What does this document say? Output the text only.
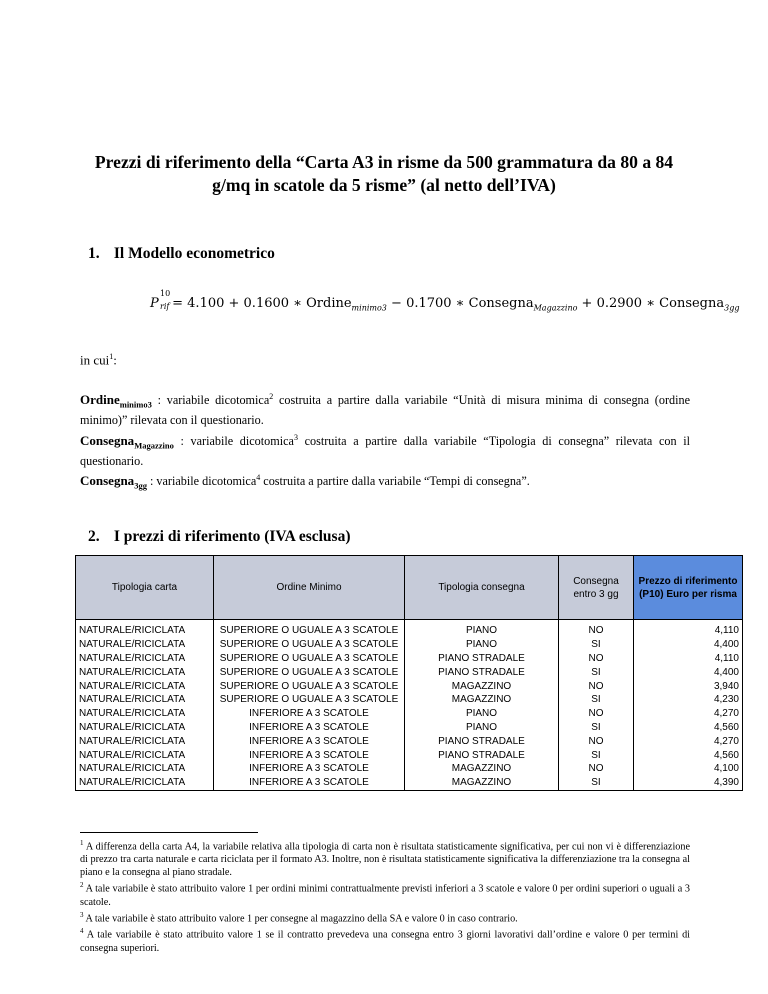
Prezzi di riferimento della “Carta A3 in risme da 500 grammatura da 80 a 84 g/mq in scatole da 5 risme” (al netto dell’IVA)
1. Il Modello econometrico
P
10
rif = 4.100 + 0.1600 ∗ Ordine$_{minimo3}$ − 0.1700 ∗ Consegna$_{Magazzino}$ + 0.2900 ∗ Consegna$_{3gg}$
in cui$^1$:
Ordine$_{minimo3}$ : variabile dicotomica$^2$ costruita a partire dalla variabile “Unità di misura minima di consegna (ordine minimo)” rilevata con il questionario.
Consegna$_{Magazzino}$ : variabile dicotomica$^3$ costruita a partire dalla variabile “Tipologia di consegna” rilevata con il questionario.
Consegna$_{3gg}$ : variabile dicotomica$^4$ costruita a partire dalla variabile “Tempi di consegna”.
2. I prezzi di riferimento (IVA esclusa)
Tipologia carta	Ordine Minimo	Tipologia consegna	Consegna entro 3 gg	Prezzo di riferimento (P10) Euro per risma
NATURALE/RICICLATA	SUPERIORE O UGUALE A 3 SCATOLE	PIANO	NO	4,110
NATURALE/RICICLATA	SUPERIORE O UGUALE A 3 SCATOLE	PIANO	SI	4,400
NATURALE/RICICLATA	SUPERIORE O UGUALE A 3 SCATOLE	PIANO STRADALE	NO	4,110
NATURALE/RICICLATA	SUPERIORE O UGUALE A 3 SCATOLE	PIANO STRADALE	SI	4,400
NATURALE/RICICLATA	SUPERIORE O UGUALE A 3 SCATOLE	MAGAZZINO	NO	3,940
NATURALE/RICICLATA	SUPERIORE O UGUALE A 3 SCATOLE	MAGAZZINO	SI	4,230
NATURALE/RICICLATA	INFERIORE A 3 SCATOLE	PIANO	NO	4,270
NATURALE/RICICLATA	INFERIORE A 3 SCATOLE	PIANO	SI	4,560
NATURALE/RICICLATA	INFERIORE A 3 SCATOLE	PIANO STRADALE	NO	4,270
NATURALE/RICICLATA	INFERIORE A 3 SCATOLE	PIANO STRADALE	SI	4,560
NATURALE/RICICLATA	INFERIORE A 3 SCATOLE	MAGAZZINO	NO	4,100
NATURALE/RICICLATA	INFERIORE A 3 SCATOLE	MAGAZZINO	SI	4,390

$^1$ A differenza della carta A4, la variabile relativa alla tipologia di carta non è risultata statisticamente significativa, per cui non vi è differenziazione di prezzo tra carta naturale e carta riciclata per il formato A3. Inoltre, non è risultata statisticamente significativa la differenziazione tra la consegna al piano e la consegna al piano stradale.

$^2$ A tale variabile è stato attribuito valore 1 per ordini minimi contrattualmente previsti inferiori a 3 scatole e valore 0 per ordini superiori o uguali a 3 scatole.

$^3$ A tale variabile è stato attribuito valore 1 per consegne al magazzino della SA e valore 0 in caso contrario.

$^4$ A tale variabile è stato attribuito valore 1 se il contratto prevedeva una consegna entro 3 giorni lavorativi dall’ordine e valore 0 per termini di consegna superiori.
